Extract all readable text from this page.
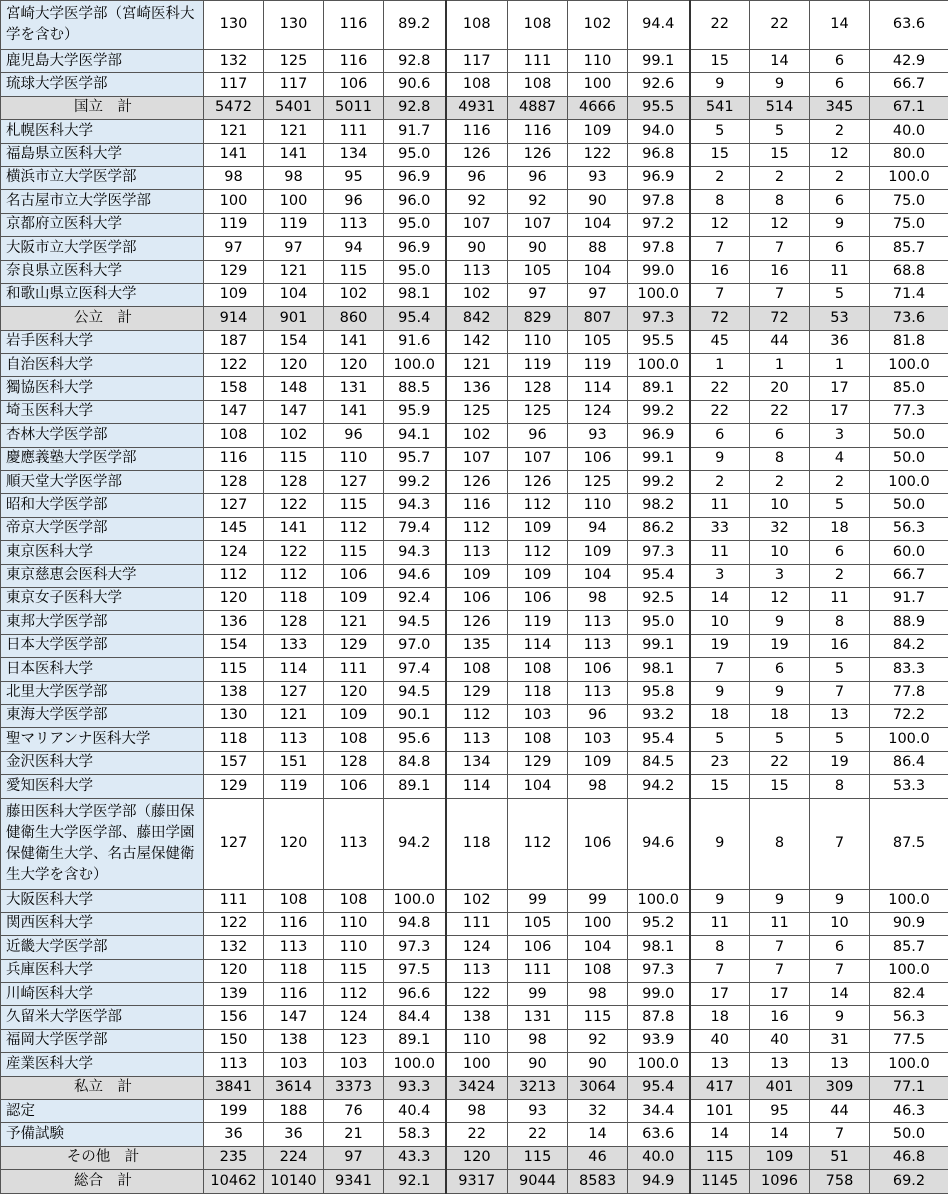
宮崎大学医学部（宮崎医科大学を含む）	130	130	116	89.2	108	108	102	94.4	22	22	14	63.6
鹿児島大学医学部	132	125	116	92.8	117	111	110	99.1	15	14	6	42.9
琉球大学医学部	117	117	106	90.6	108	108	100	92.6	9	9	6	66.7
国立　計	5472	5401	5011	92.8	4931	4887	4666	95.5	541	514	345	67.1
札幌医科大学	121	121	111	91.7	116	116	109	94.0	5	5	2	40.0
福島県立医科大学	141	141	134	95.0	126	126	122	96.8	15	15	12	80.0
横浜市立大学医学部	98	98	95	96.9	96	96	93	96.9	2	2	2	100.0
名古屋市立大学医学部	100	100	96	96.0	92	92	90	97.8	8	8	6	75.0
京都府立医科大学	119	119	113	95.0	107	107	104	97.2	12	12	9	75.0
大阪市立大学医学部	97	97	94	96.9	90	90	88	97.8	7	7	6	85.7
奈良県立医科大学	129	121	115	95.0	113	105	104	99.0	16	16	11	68.8
和歌山県立医科大学	109	104	102	98.1	102	97	97	100.0	7	7	5	71.4
公立　計	914	901	860	95.4	842	829	807	97.3	72	72	53	73.6
岩手医科大学	187	154	141	91.6	142	110	105	95.5	45	44	36	81.8
自治医科大学	122	120	120	100.0	121	119	119	100.0	1	1	1	100.0
獨協医科大学	158	148	131	88.5	136	128	114	89.1	22	20	17	85.0
埼玉医科大学	147	147	141	95.9	125	125	124	99.2	22	22	17	77.3
杏林大学医学部	108	102	96	94.1	102	96	93	96.9	6	6	3	50.0
慶應義塾大学医学部	116	115	110	95.7	107	107	106	99.1	9	8	4	50.0
順天堂大学医学部	128	128	127	99.2	126	126	125	99.2	2	2	2	100.0
昭和大学医学部	127	122	115	94.3	116	112	110	98.2	11	10	5	50.0
帝京大学医学部	145	141	112	79.4	112	109	94	86.2	33	32	18	56.3
東京医科大学	124	122	115	94.3	113	112	109	97.3	11	10	6	60.0
東京慈恵会医科大学	112	112	106	94.6	109	109	104	95.4	3	3	2	66.7
東京女子医科大学	120	118	109	92.4	106	106	98	92.5	14	12	11	91.7
東邦大学医学部	136	128	121	94.5	126	119	113	95.0	10	9	8	88.9
日本大学医学部	154	133	129	97.0	135	114	113	99.1	19	19	16	84.2
日本医科大学	115	114	111	97.4	108	108	106	98.1	7	6	5	83.3
北里大学医学部	138	127	120	94.5	129	118	113	95.8	9	9	7	77.8
東海大学医学部	130	121	109	90.1	112	103	96	93.2	18	18	13	72.2
聖マリアンナ医科大学	118	113	108	95.6	113	108	103	95.4	5	5	5	100.0
金沢医科大学	157	151	128	84.8	134	129	109	84.5	23	22	19	86.4
愛知医科大学	129	119	106	89.1	114	104	98	94.2	15	15	8	53.3
藤田医科大学医学部（藤田保健衛生大学医学部、藤田学園保健衛生大学、名古屋保健衛生大学を含む）	127	120	113	94.2	118	112	106	94.6	9	8	7	87.5
大阪医科大学	111	108	108	100.0	102	99	99	100.0	9	9	9	100.0
関西医科大学	122	116	110	94.8	111	105	100	95.2	11	11	10	90.9
近畿大学医学部	132	113	110	97.3	124	106	104	98.1	8	7	6	85.7
兵庫医科大学	120	118	115	97.5	113	111	108	97.3	7	7	7	100.0
川崎医科大学	139	116	112	96.6	122	99	98	99.0	17	17	14	82.4
久留米大学医学部	156	147	124	84.4	138	131	115	87.8	18	16	9	56.3
福岡大学医学部	150	138	123	89.1	110	98	92	93.9	40	40	31	77.5
産業医科大学	113	103	103	100.0	100	90	90	100.0	13	13	13	100.0
私立　計	3841	3614	3373	93.3	3424	3213	3064	95.4	417	401	309	77.1
認定	199	188	76	40.4	98	93	32	34.4	101	95	44	46.3
予備試験	36	36	21	58.3	22	22	14	63.6	14	14	7	50.0
その他　計	235	224	97	43.3	120	115	46	40.0	115	109	51	46.8
総合　計	10462	10140	9341	92.1	9317	9044	8583	94.9	1145	1096	758	69.2
